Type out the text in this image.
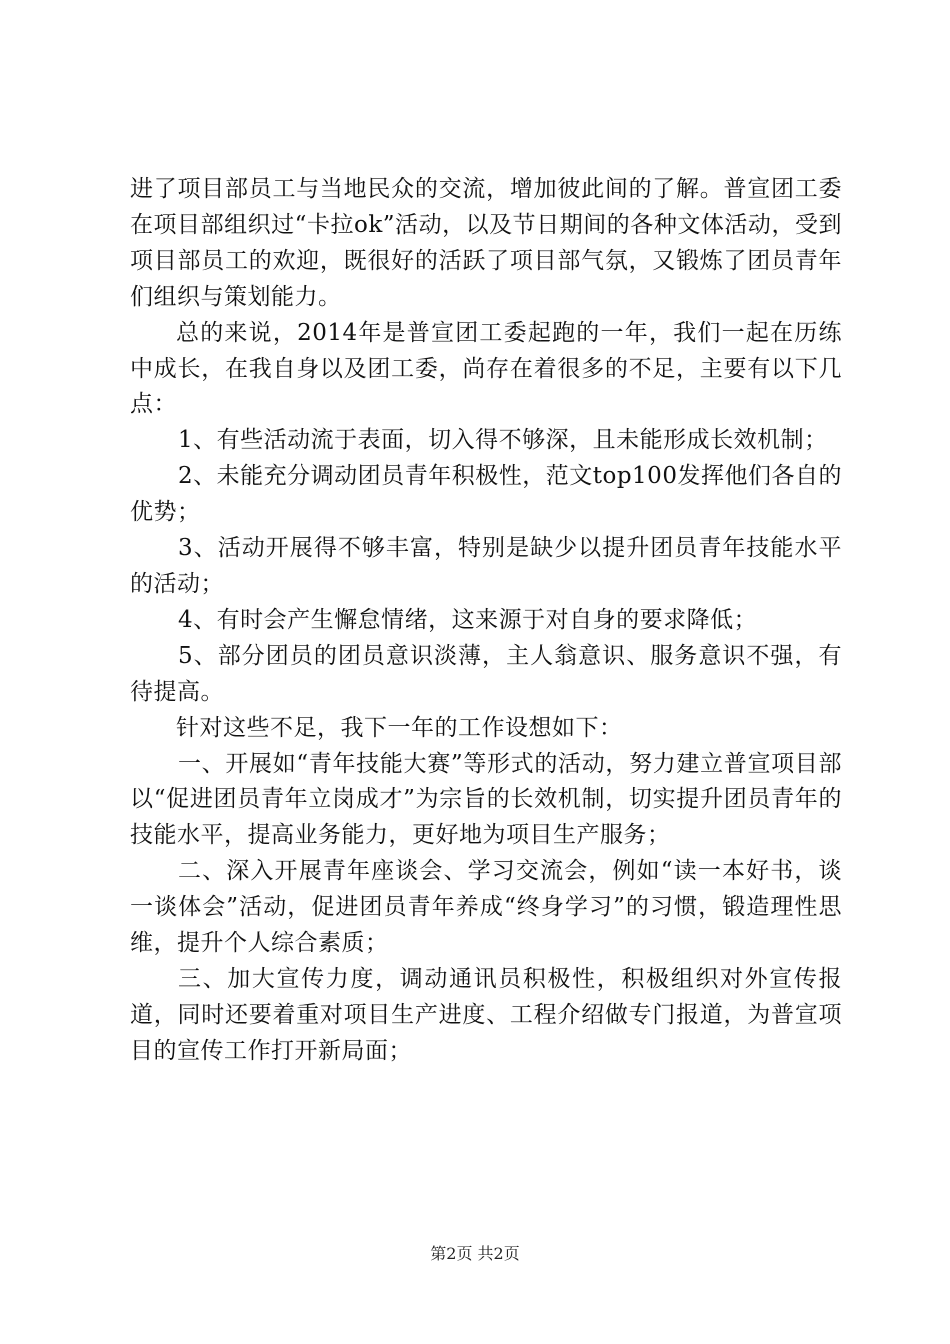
进了项目部员工与当地民众的交流，增加彼此间的了解。普宣团工委在项目部组织过“卡拉ok”活动，以及节日期间的各种文体活动，受到项目部员工的欢迎，既很好的活跃了项目部气氛，又锻炼了团员青年们组织与策划能力。

总的来说，2014年是普宣团工委起跑的一年，我们一起在历练中成长，在我自身以及团工委，尚存在着很多的不足，主要有以下几点：

1、有些活动流于表面，切入得不够深，且未能形成长效机制；

2、未能充分调动团员青年积极性，范文top100发挥他们各自的优势；

3、活动开展得不够丰富，特别是缺少以提升团员青年技能水平的活动；

4、有时会产生懈怠情绪，这来源于对自身的要求降低；

5、部分团员的团员意识淡薄，主人翁意识、服务意识不强，有待提高。

针对这些不足，我下一年的工作设想如下：

一、开展如“青年技能大赛”等形式的活动，努力建立普宣项目部以“促进团员青年立岗成才”为宗旨的长效机制，切实提升团员青年的技能水平，提高业务能力，更好地为项目生产服务；

二、深入开展青年座谈会、学习交流会，例如“读一本好书，谈一谈体会”活动，促进团员青年养成“终身学习”的习惯，锻造理性思维，提升个人综合素质；

三、加大宣传力度，调动通讯员积极性，积极组织对外宣传报道，同时还要着重对项目生产进度、工程介绍做专门报道，为普宣项目的宣传工作打开新局面；

第2页 共2页
